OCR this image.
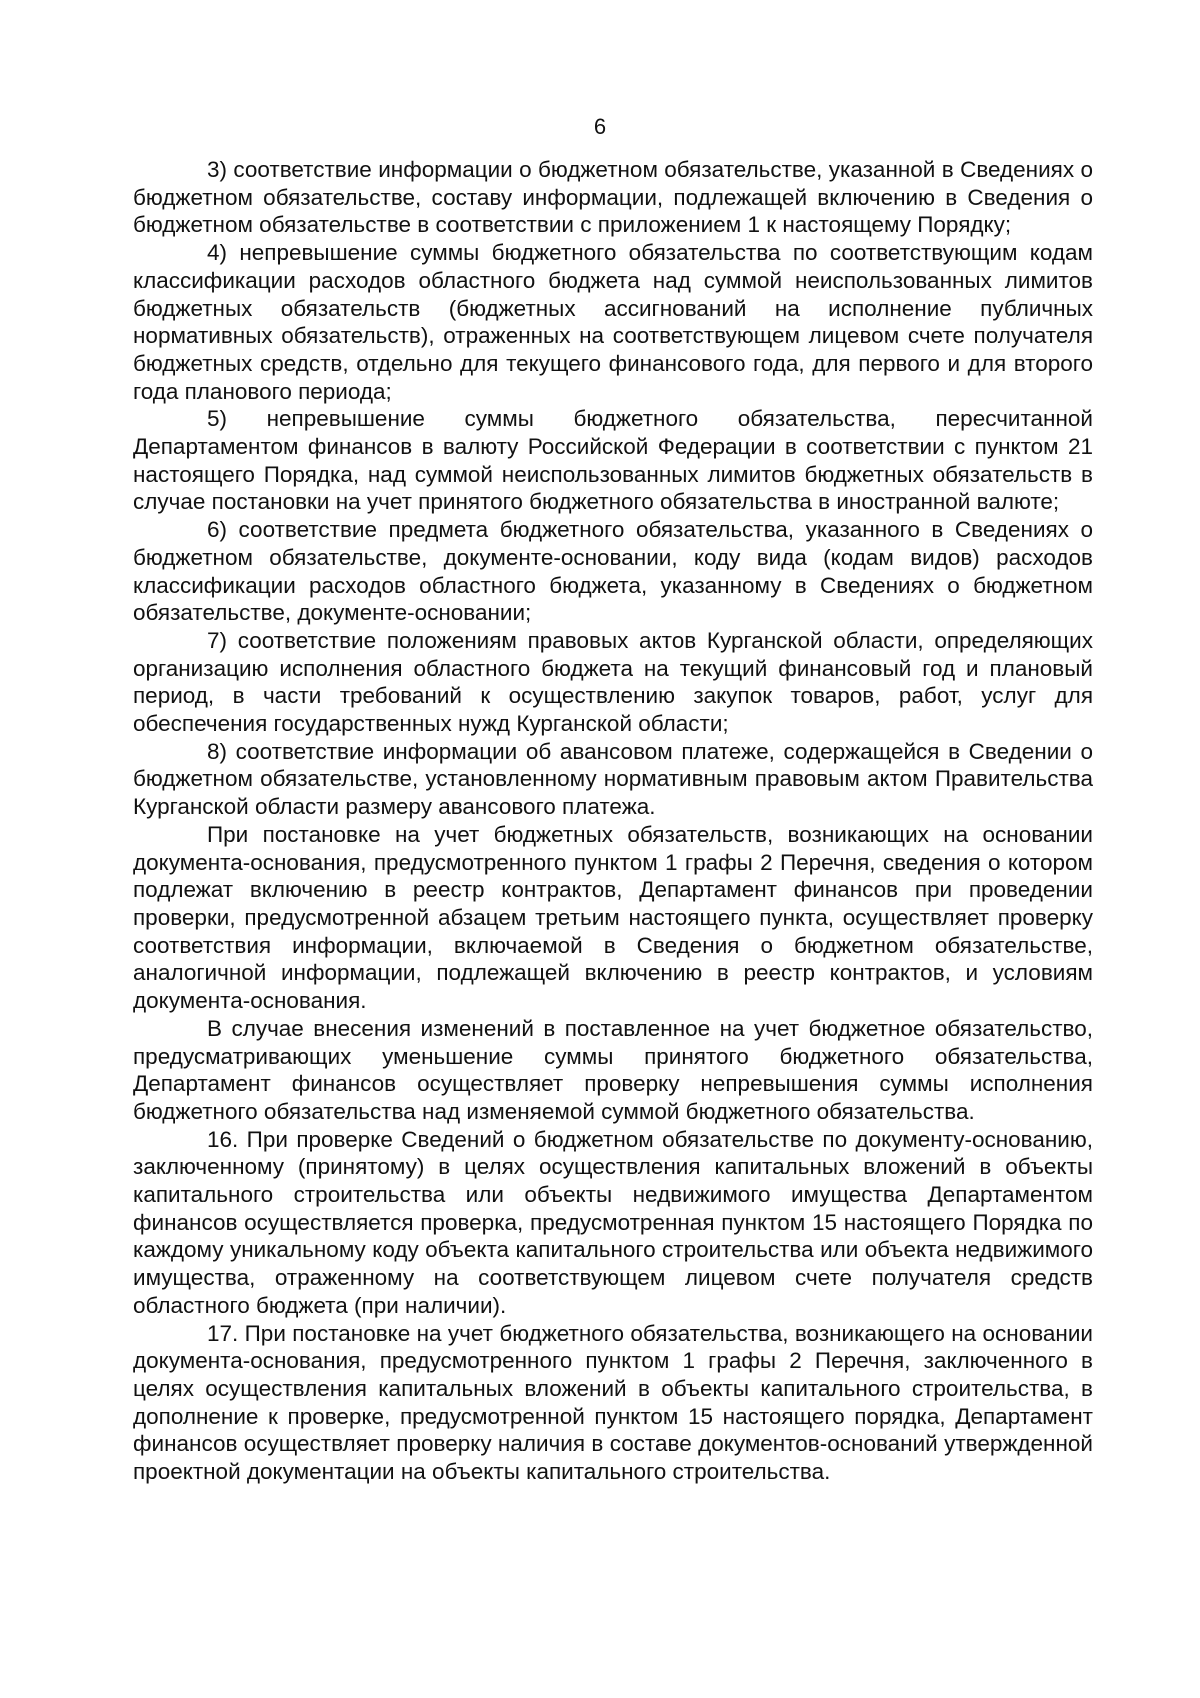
6

3) соответствие информации о бюджетном обязательстве, указанной в Сведениях о бюджетном обязательстве, составу информации, подлежащей включению в Сведения о бюджетном обязательстве в соответствии с приложением 1 к настоящему Порядку;

4) непревышение суммы бюджетного обязательства по соответствующим кодам классификации расходов областного бюджета над суммой неиспользованных лимитов бюджетных обязательств (бюджетных ассигнований на исполнение публичных нормативных обязательств), отраженных на соответствующем лицевом счете получателя бюджетных средств, отдельно для текущего финансового года, для первого и для второго года планового периода;

5) непревышение суммы бюджетного обязательства, пересчитанной Департаментом финансов в валюту Российской Федерации в соответствии с пунктом 21 настоящего Порядка, над суммой неиспользованных лимитов бюджетных обязательств в случае постановки на учет принятого бюджетного обязательства в иностранной валюте;

6) соответствие предмета бюджетного обязательства, указанного в Сведениях о бюджетном обязательстве, документе-основании, коду вида (кодам видов) расходов классификации расходов областного бюджета, указанному в Сведениях о бюджетном обязательстве, документе-основании;

7) соответствие положениям правовых актов Курганской области, определяющих организацию исполнения областного бюджета на текущий финансовый год и плановый период, в части требований к осуществлению закупок товаров, работ, услуг для обеспечения государственных нужд Курганской области;

8) соответствие информации об авансовом платеже, содержащейся в Сведении о бюджетном обязательстве, установленному нормативным правовым актом Правительства Курганской области размеру авансового платежа.

При постановке на учет бюджетных обязательств, возникающих на основании документа-основания, предусмотренного пунктом 1 графы 2 Перечня, сведения о котором подлежат включению в реестр контрактов, Департамент финансов при проведении проверки, предусмотренной абзацем третьим настоящего пункта, осуществляет проверку соответствия информации, включаемой в Сведения о бюджетном обязательстве, аналогичной информации, подлежащей включению в реестр контрактов, и условиям документа-основания.

В случае внесения изменений в поставленное на учет бюджетное обязательство, предусматривающих уменьшение суммы принятого бюджетного обязательства, Департамент финансов осуществляет проверку непревышения суммы исполнения бюджетного обязательства над изменяемой суммой бюджетного обязательства.

16. При проверке Сведений о бюджетном обязательстве по документу-основанию, заключенному (принятому) в целях осуществления капитальных вложений в объекты капитального строительства или объекты недвижимого имущества Департаментом финансов осуществляется проверка, предусмотренная пунктом 15 настоящего Порядка по каждому уникальному коду объекта капитального строительства или объекта недвижимого имущества, отраженному на соответствующем лицевом счете получателя средств областного бюджета (при наличии).

17. При постановке на учет бюджетного обязательства, возникающего на основании документа-основания, предусмотренного пунктом 1 графы 2 Перечня, заключенного в целях осуществления капитальных вложений в объекты капитального строительства, в дополнение к проверке, предусмотренной пунктом 15 настоящего порядка, Департамент финансов осуществляет проверку наличия в составе документов-оснований утвержденной проектной документации на объекты капитального строительства.
